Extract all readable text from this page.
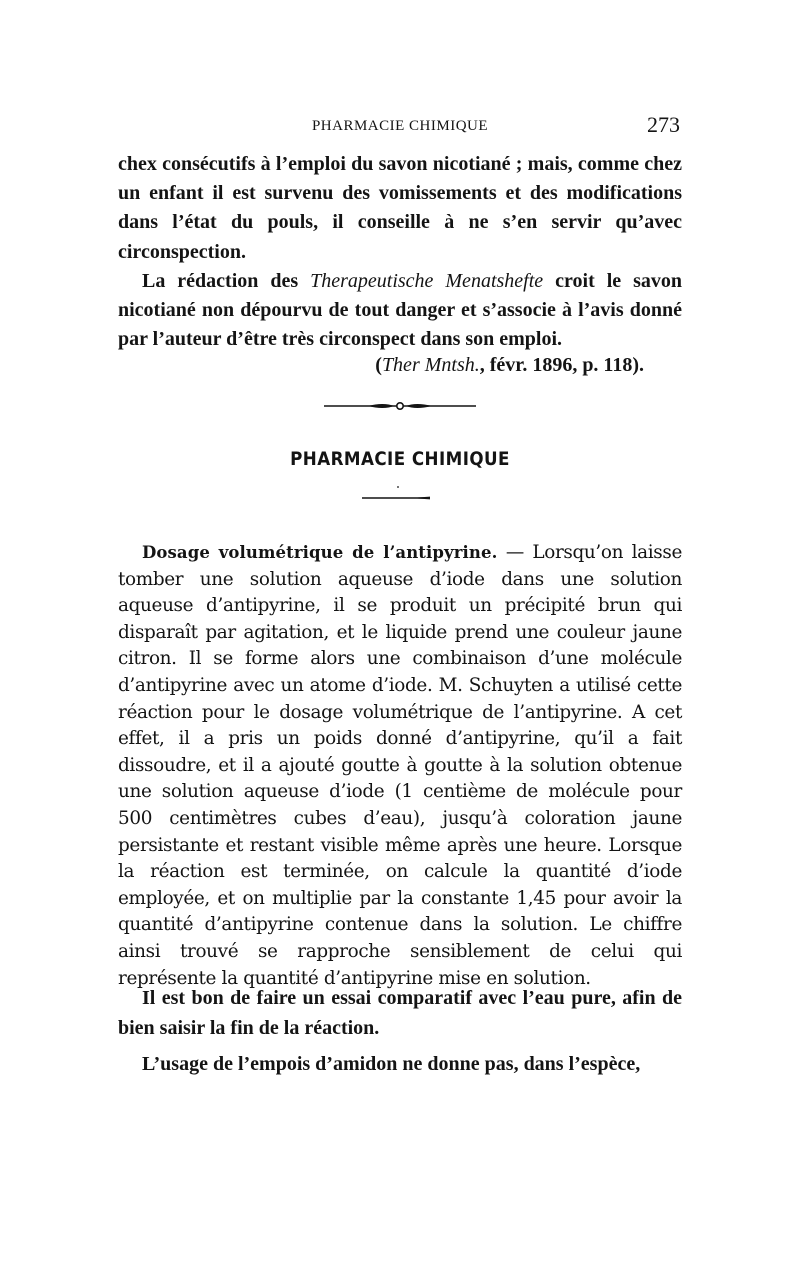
PHARMACIE CHIMIQUE	273

chex consécutifs à l’emploi du savon nicotiané ; mais, comme chez un enfant il est survenu des vomissements et des modifications dans l’état du pouls, il conseille à ne s’en servir qu’avec circonspection.

La rédaction des Therapeutische Menatshefte croit le savon nicotiané non dépourvu de tout danger et s’associe à l’avis donné par l’auteur d’être très circonspect dans son emploi.

(Ther Mntsh., févr. 1896, p. 118).

PHARMACIE CHIMIQUE

Dosage volumétrique de l’antipyrine. — Lorsqu’on laisse tomber une solution aqueuse d’iode dans une solution aqueuse d’antipyrine, il se produit un précipité brun qui disparaît par agitation, et le liquide prend une couleur jaune citron. Il se forme alors une combinaison d’une molécule d’antipyrine avec un atome d’iode. M. Schuyten a utilisé cette réaction pour le dosage volumétrique de l’antipyrine. A cet effet, il a pris un poids donné d’antipyrine, qu’il a fait dissoudre, et il a ajouté goutte à goutte à la solution obtenue une solution aqueuse d’iode (1 centième de molécule pour 500 centimètres cubes d’eau), jusqu’à coloration jaune persistante et restant visible même après une heure. Lorsque la réaction est terminée, on calcule la quantité d’iode employée, et on multiplie par la constante 1,45 pour avoir la quantité d’antipyrine contenue dans la solution. Le chiffre ainsi trouvé se rapproche sensiblement de celui qui représente la quantité d’antipyrine mise en solution.

Il est bon de faire un essai comparatif avec l’eau pure, afin de bien saisir la fin de la réaction.

L’usage de l’empois d’amidon ne donne pas, dans l’espèce,
